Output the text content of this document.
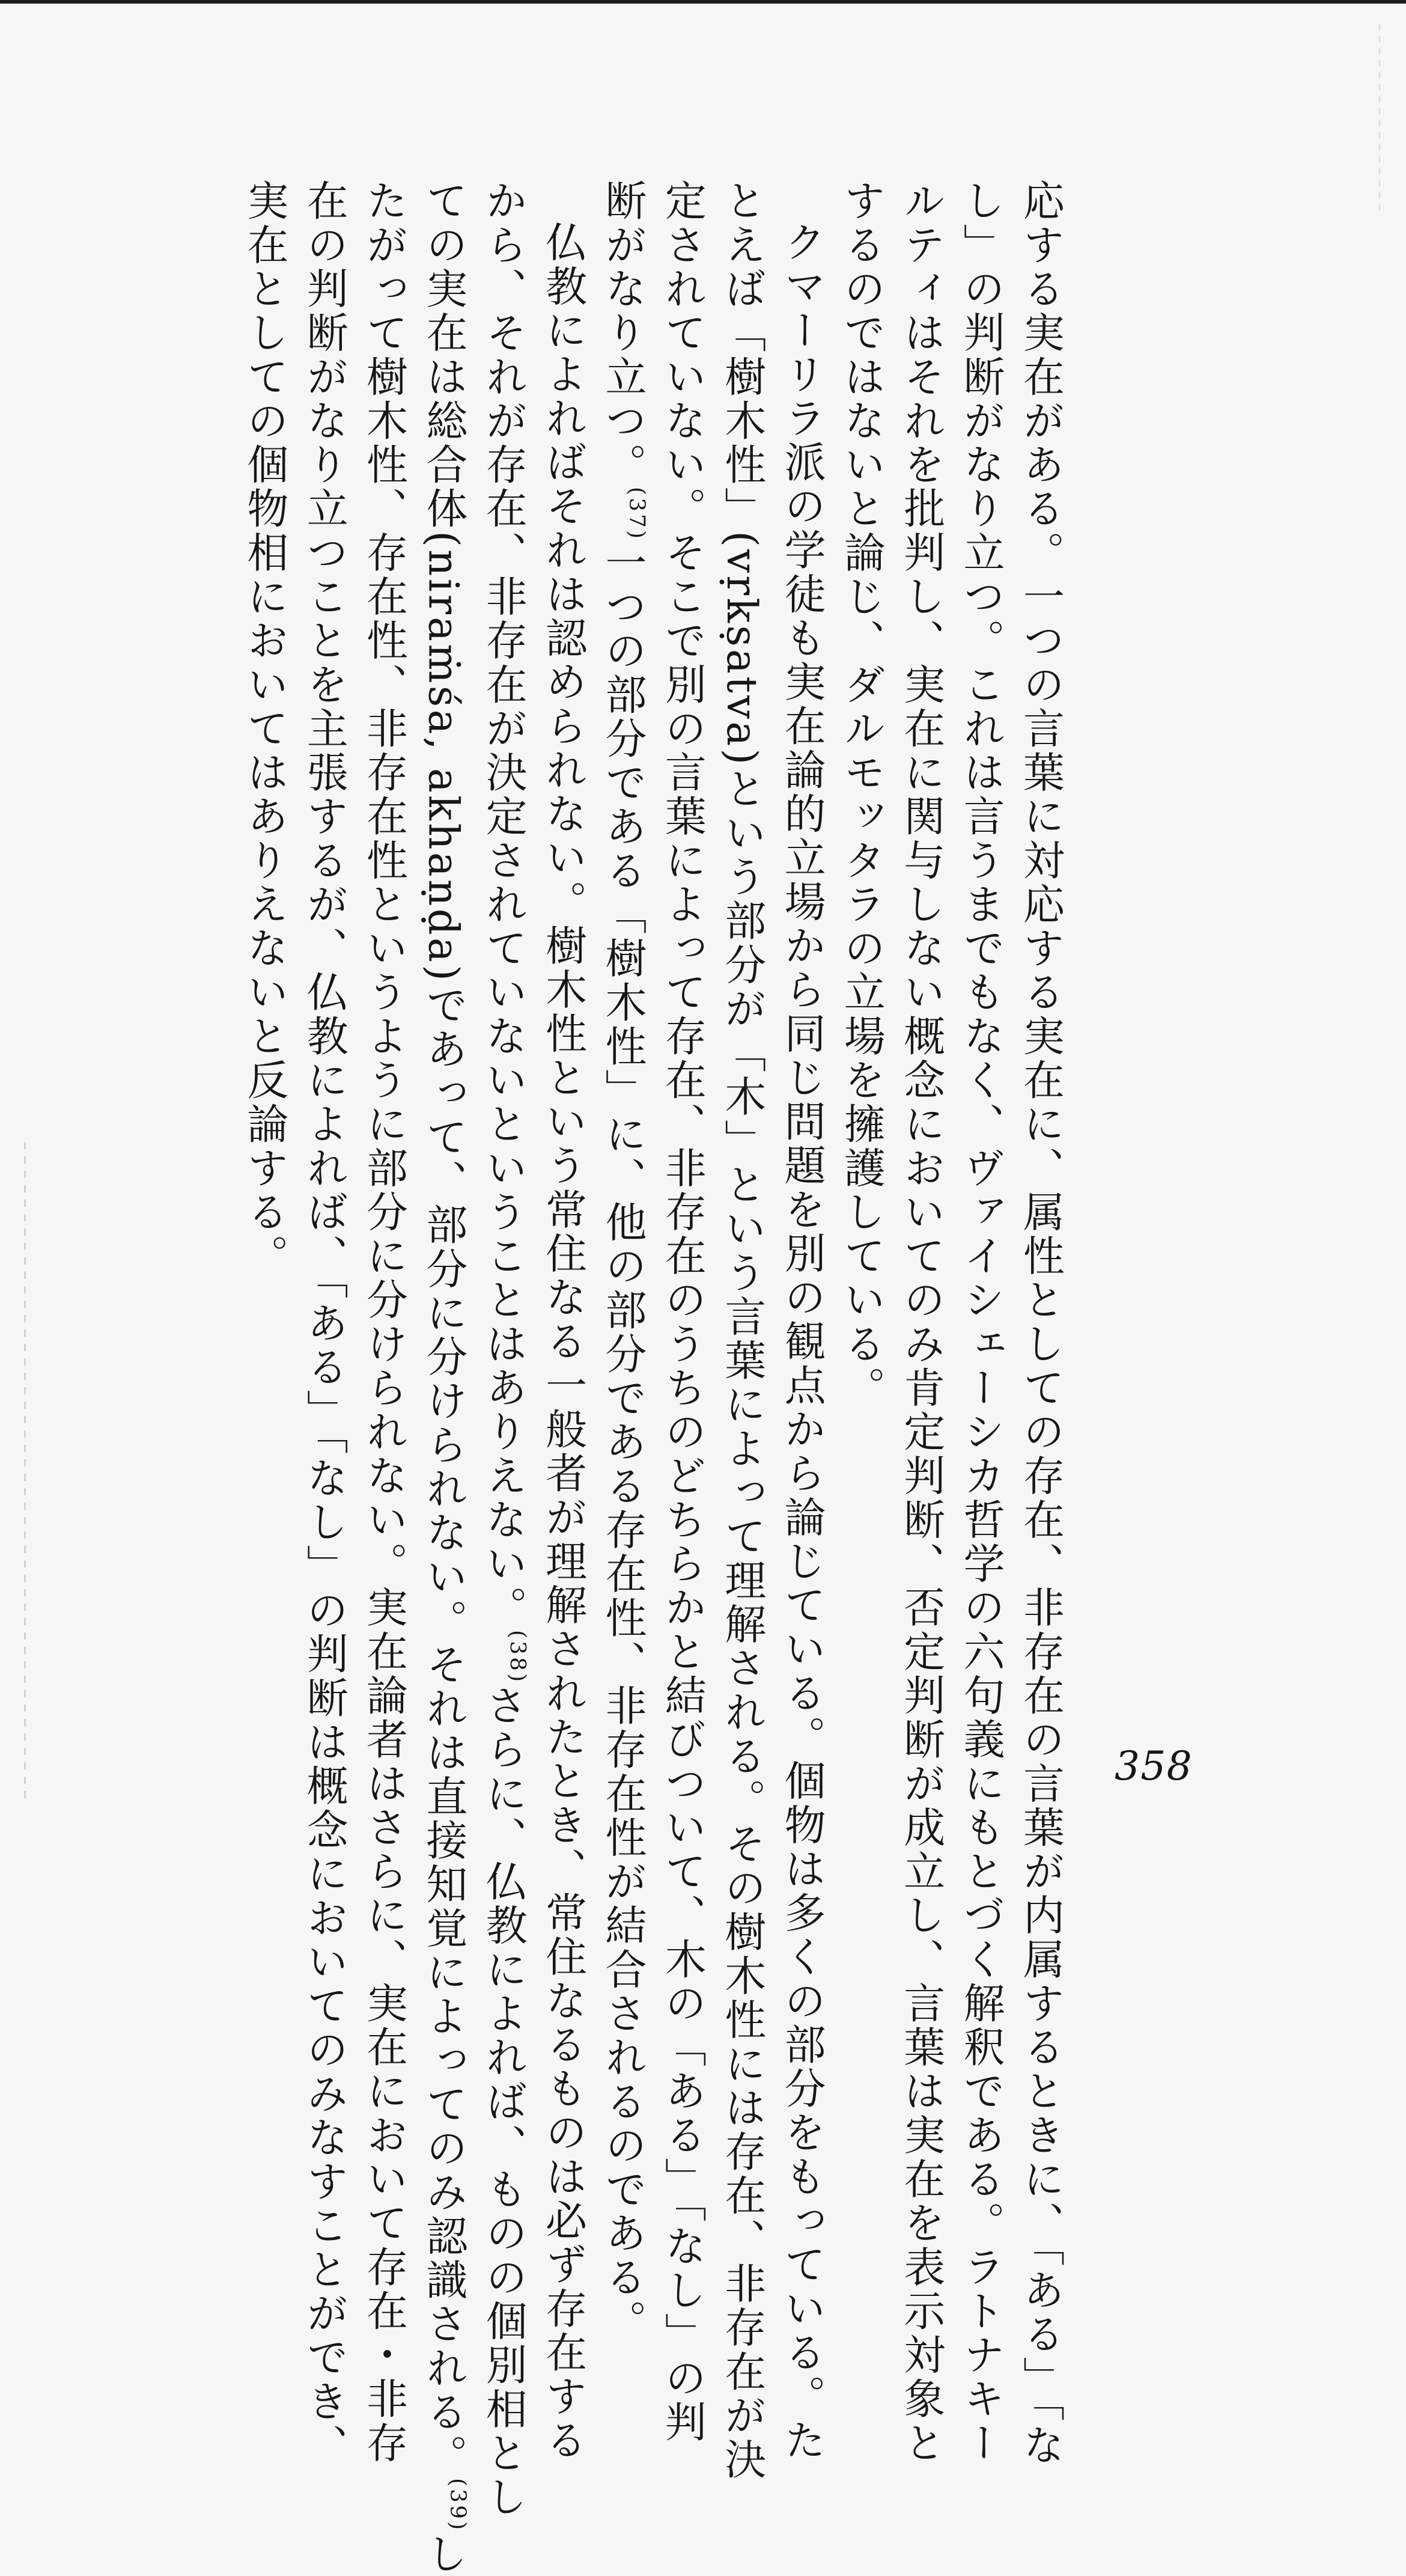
応する実在がある。一つの言葉に対応する実在に、属性としての存在、非存在の言葉が内属するときに、「ある」「な
し」の判断がなり立つ。これは言うまでもなく、ヴァイシェーシカ哲学の六句義にもとづく解釈である。ラトナキー
ルティはそれを批判し、実在に関与しない概念においてのみ肯定判断、否定判断が成立し、言葉は実在を表示対象と
するのではないと論じ、ダルモッタラの立場を擁護している。
クマーリラ派の学徒も実在論的立場から同じ問題を別の観点から論じている。個物は多くの部分をもっている。た
とえば「樹木性」(vṛkṣatva)という部分が「木」という言葉によって理解される。その樹木性には存在、非存在が決
定されていない。そこで別の言葉によって存在、非存在のうちのどちらかと結びついて、木の「ある」「なし」の判
断がなり立つ。(37)一つの部分である「樹木性」に、他の部分である存在性、非存在性が結合されるのである。
仏教によればそれは認められない。樹木性という常住なる一般者が理解されたとき、常住なるものは必ず存在する
から、それが存在、非存在が決定されていないということはありえない。(38)さらに、仏教によれば、ものの個別相とし
ての実在は総合体(niraṁśa, akhaṇḍa)であって、部分に分けられない。それは直接知覚によってのみ認識される。(39)し
たがって樹木性、存在性、非存在性というように部分に分けられない。実在論者はさらに、実在において存在・非存
在の判断がなり立つことを主張するが、仏教によれば、「ある」「なし」の判断は概念においてのみなすことができ、
実在としての個物相においてはありえないと反論する。
358
